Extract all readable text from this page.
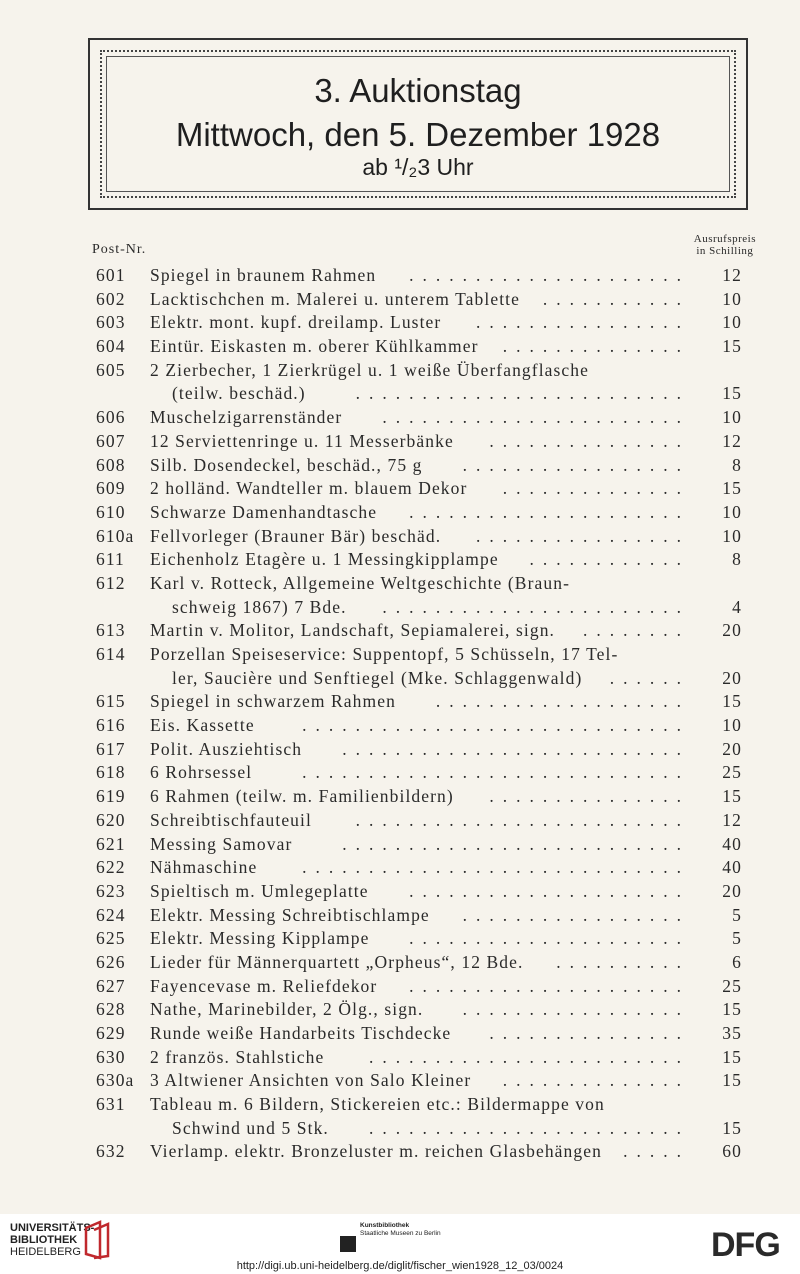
3. Auktionstag
Mittwoch, den 5. Dezember 1928
ab ¹/₂3 Uhr
Post-Nr.
Ausrufspreis
in Schilling
601	Spiegel in braunem Rahmen	12
.....................
602	Lacktischchen m. Malerei u. unterem Tablette	10
...........
603	Elektr. mont. kupf. dreilamp. Luster	10
................
604	Eintür. Eiskasten m. oberer Kühlkammer	15
..............
605	2 Zierbecher, 1 Zierkrügel u. 1 weiße Überfangflasche
(teilw. beschäd.)	15
.........................
606	Muschelzigarrenständer	10
.......................
607	12 Serviettenringe u. 11 Messerbänke	12
...............
608	Silb. Dosendeckel, beschäd., 75 g	8
.................
609	2 holländ. Wandteller m. blauem Dekor	15
..............
610	Schwarze Damenhandtasche	10
.....................
610a Fellvorleger (Brauner Bär) beschäd.	10
................
611	Eichenholz Etagère u. 1 Messingkipplampe	8
............
612	Karl v. Rotteck, Allgemeine Weltgeschichte (Braun-
schweig 1867) 7 Bde.	4
.......................
613	Martin v. Molitor, Landschaft, Sepiamalerei, sign.	20
........
614	Porzellan Speiseservice: Suppentopf, 5 Schüsseln, 17 Tel-
ler, Saucière und Senftiegel (Mke. Schlaggenwald)	20
......
615	Spiegel in schwarzem Rahmen	15
...................
616	Eis. Kassette	10
.............................
617	Polit. Ausziehtisch	20
..........................
618	6 Rohrsessel	25
.............................
619	6 Rahmen (teilw. m. Familienbildern)	15
...............
620	Schreibtischfauteuil	12
.........................
621	Messing Samovar	40
..........................
622	Nähmaschine	40
.............................
623	Spieltisch m. Umlegeplatte	20
.....................
624	Elektr. Messing Schreibtischlampe	5
.................
625	Elektr. Messing Kipplampe	5
.....................
626	Lieder für Männerquartett „Orpheus“, 12 Bde.	6
..........
627	Fayencevase m. Reliefdekor	25
.....................
628	Nathe, Marinebilder, 2 Ölg., sign.	15
.................
629	Runde weiße Handarbeits Tischdecke	35
...............
630	2 französ. Stahlstiche	15
........................
630a 3 Altwiener Ansichten von Salo Kleiner	15
..............
631	Tableau m. 6 Bildern, Stickereien etc.: Bildermappe von
Schwind und 5 Stk.	15
........................
632	Vierlamp. elektr. Bronzeluster m. reichen Glasbehängen	60
.....
UNIVERSITÄTS-
BIBLIOTHEK
HEIDELBERG
Kunstbibliothek
Staatliche Museen zu Berlin	DFG
http://digi.ub.uni-heidelberg.de/diglit/fischer_wien1928_12_03/0024
